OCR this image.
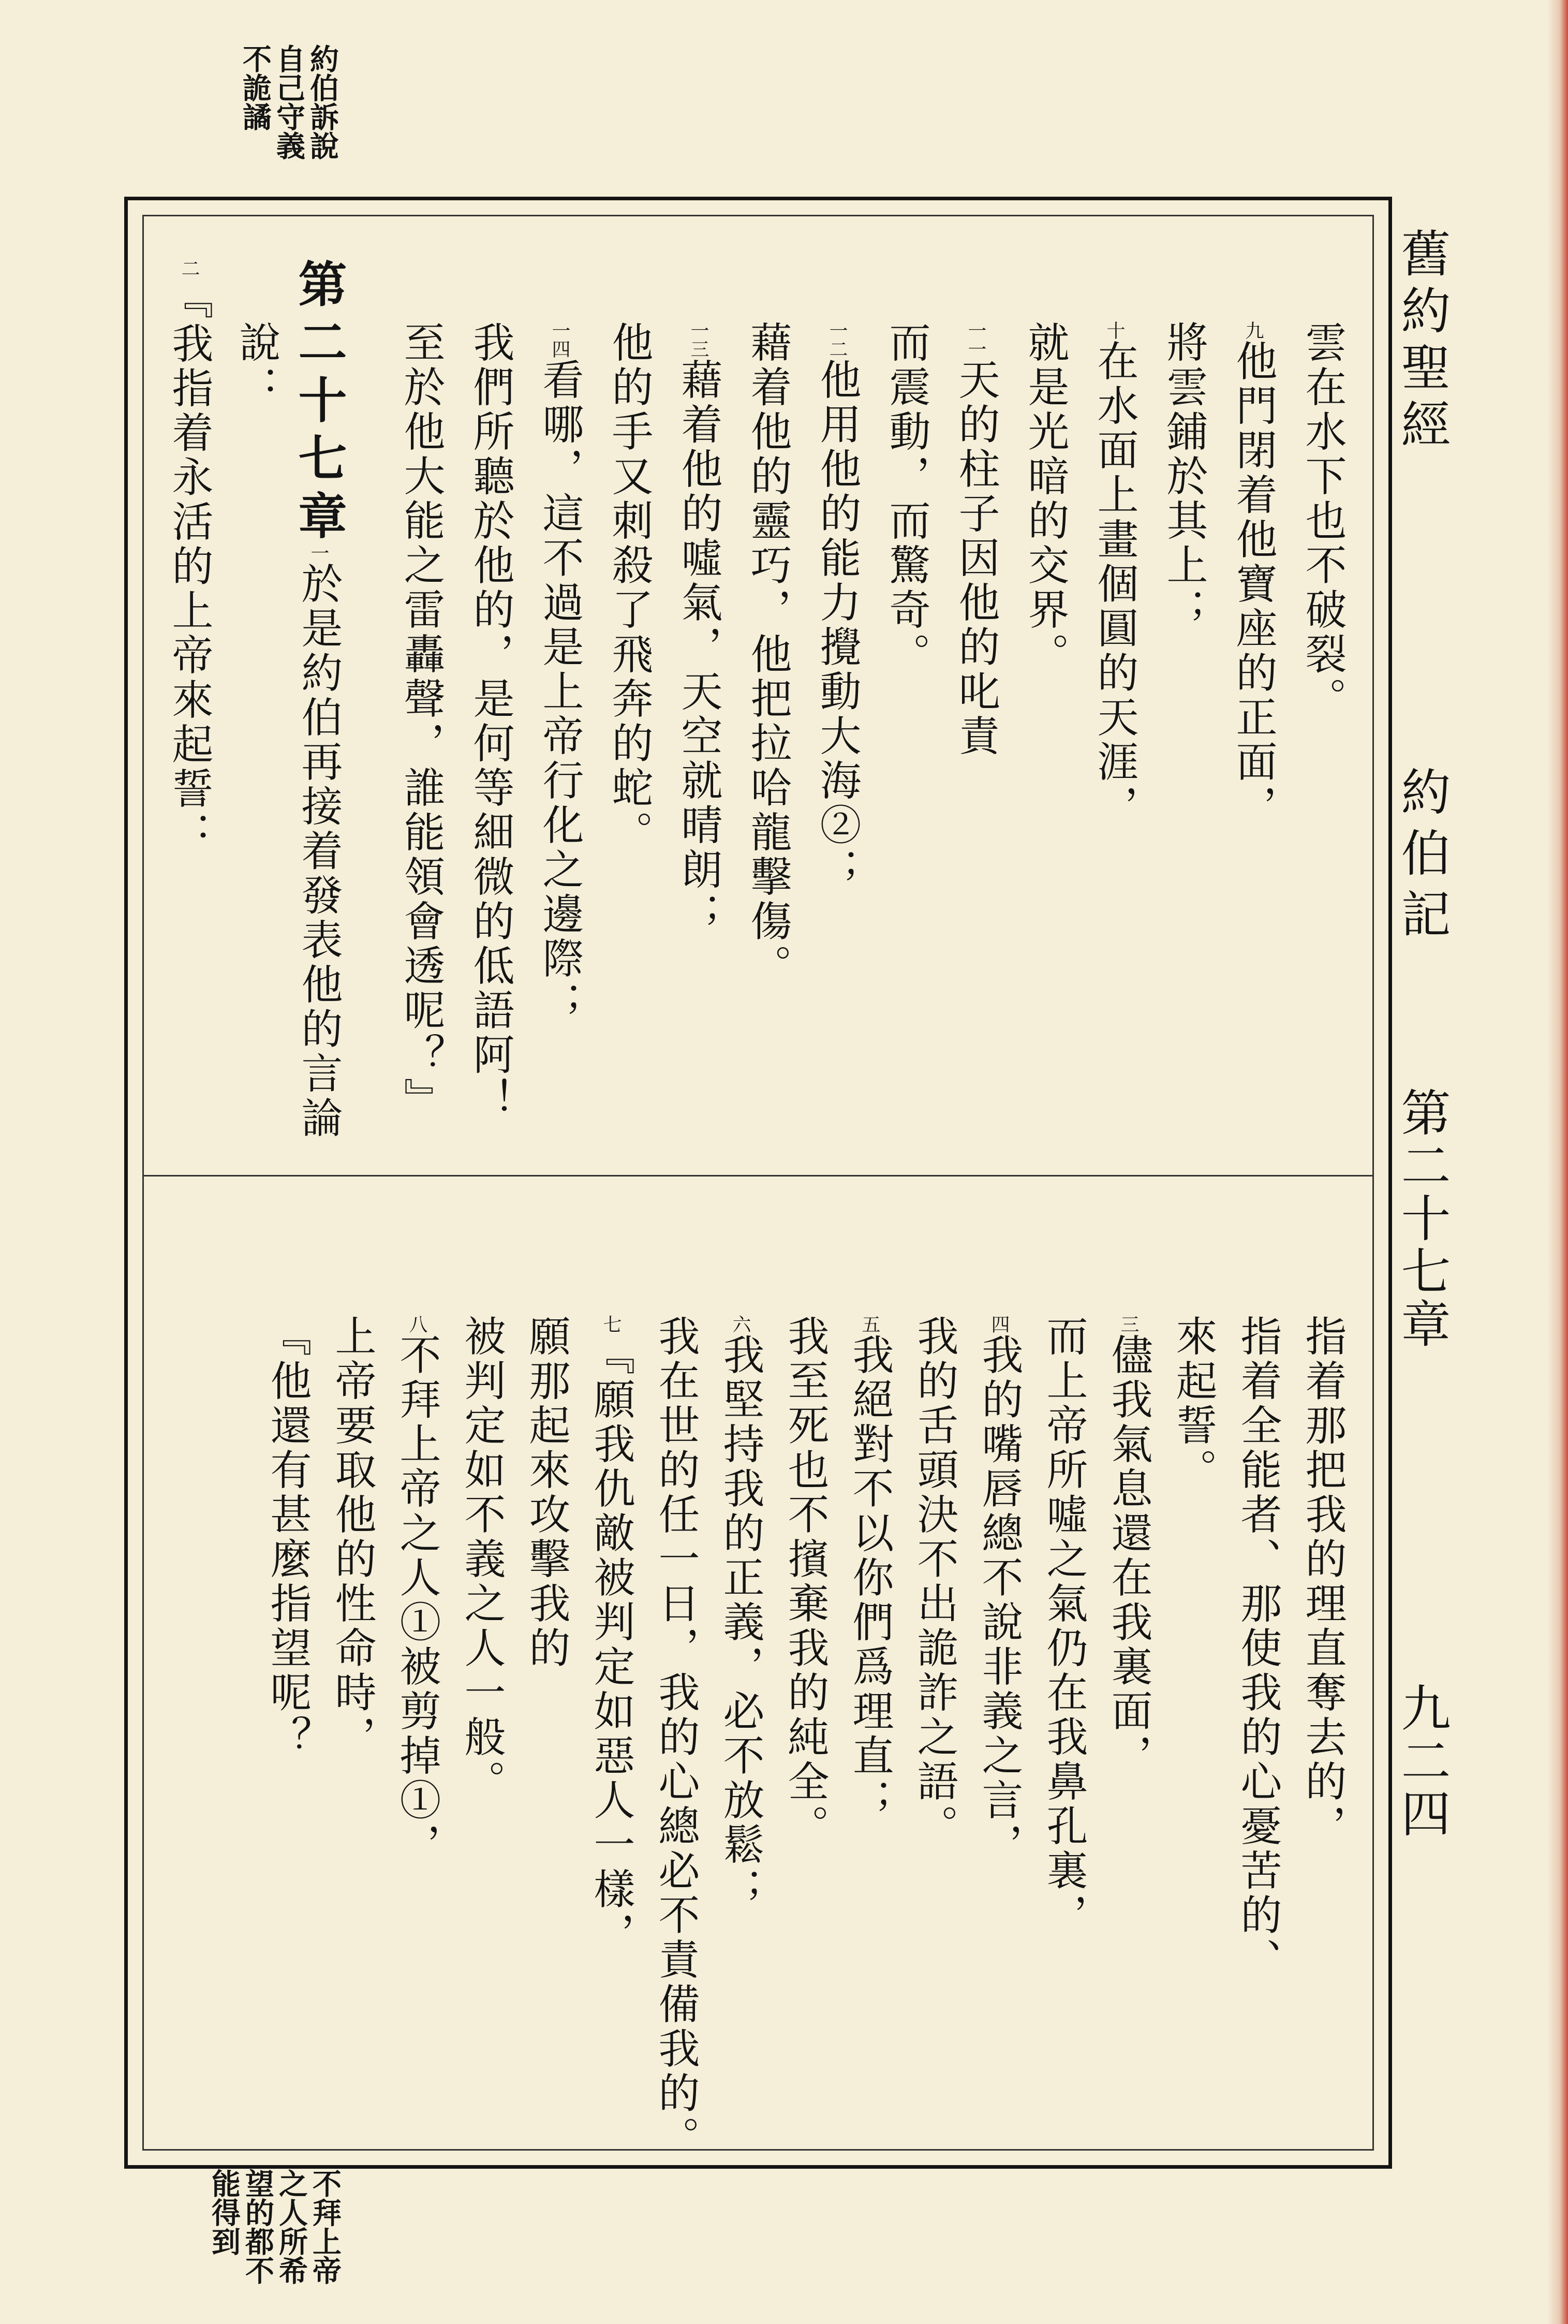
舊約聖經
約伯記
第二十七章
九二四
約伯訴說
自己守義
不詭譎
不拜上帝
之人所希
望的都不
能得到
雲在水下也不破裂。
九他門閉着他寶座的正面，
將雲鋪於其上；
十在水面上畫個圓的天涯，
就是光暗的交界。
一一天的柱子因他的叱責
而震動，而驚奇。
一二他用他的能力攪動大海②；
藉着他的靈巧，他把拉哈龍擊傷。
一三藉着他的噓氣，天空就晴朗；
他的手又刺殺了飛奔的蛇。
一四看哪，這不過是上帝行化之邊際；
我們所聽於他的，是何等細微的低語阿！
至於他大能之雷轟聲，誰能領會透呢？』
第二十七章
一於是約伯再接着發表他的言論
說：
二『我指着永活的上帝來起誓：
指着那把我的理直奪去的，
指着全能者、那使我的心憂苦的、
來起誓。
三儘我氣息還在我裏面，
而上帝所噓之氣仍在我鼻孔裏，
四我的嘴唇總不說非義之言，
我的舌頭決不出詭詐之語。
五我絕對不以你們爲理直；
我至死也不擯棄我的純全。
六我堅持我的正義，必不放鬆；
我在世的任一日，我的心總必不責備我的。
七『願我仇敵被判定如惡人一樣，
願那起來攻擊我的
被判定如不義之人一般。
八不拜上帝之人①被剪掉①，
上帝要取他的性命時，
『他還有甚麼指望呢？
